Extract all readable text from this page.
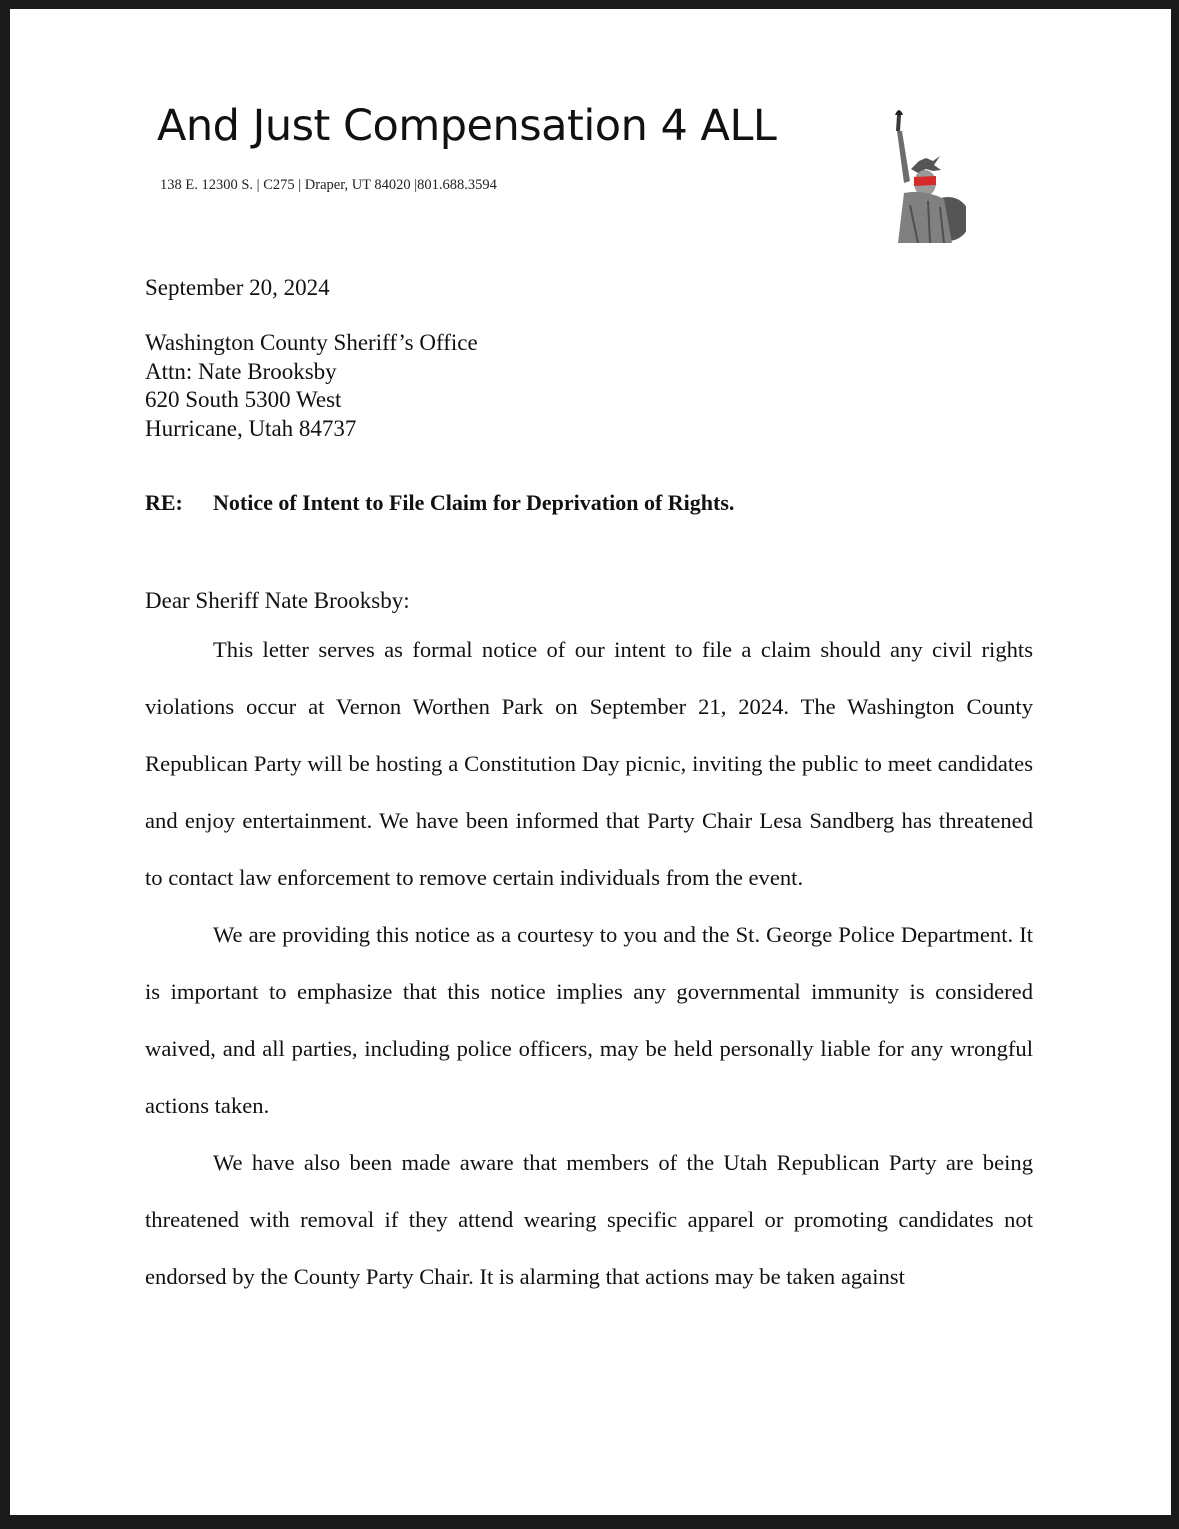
And Just Compensation 4 ALL
138 E. 12300 S. | C275 | Draper, UT 84020 |801.688.3594
September 20, 2024
Washington County Sheriff’s Office
Attn: Nate Brooksby
620 South 5300 West
Hurricane, Utah 84737
RE: Notice of Intent to File Claim for Deprivation of Rights.
Dear Sheriff Nate Brooksby:

This letter serves as formal notice of our intent to file a claim should any civil rights violations occur at Vernon Worthen Park on September 21, 2024. The Washington County Republican Party will be hosting a Constitution Day picnic, inviting the public to meet candidates and enjoy entertainment. We have been informed that Party Chair Lesa Sandberg has threatened to contact law enforcement to remove certain individuals from the event.

We are providing this notice as a courtesy to you and the St. George Police Department. It is important to emphasize that this notice implies any governmental immunity is considered waived, and all parties, including police officers, may be held personally liable for any wrongful actions taken.

We have also been made aware that members of the Utah Republican Party are being threatened with removal if they attend wearing specific apparel or promoting candidates not endorsed by the County Party Chair. It is alarming that actions may be taken against
